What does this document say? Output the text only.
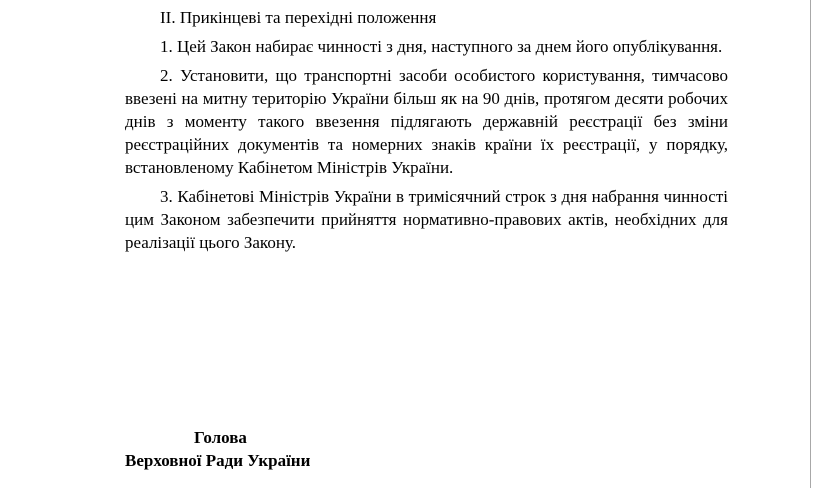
ІІ. Прикінцеві та перехідні положення

1. Цей Закон набирає чинності з дня, наступного за днем його опублікування.

2. Установити, що транспортні засоби особистого користування, тимчасово ввезені на митну територію України більш як на 90 днів, протягом десяти робочих днів з моменту такого ввезення підлягають державній реєстрації без зміни реєстраційних документів та номерних знаків країни їх реєстрації, у порядку, встановленому Кабінетом Міністрів України.

3. Кабінетові Міністрів України в тримісячний строк з дня набрання чинності цим Законом забезпечити прийняття нормативно-правових актів, необхідних для реалізації цього Закону.

Голова
Верховної Ради України
